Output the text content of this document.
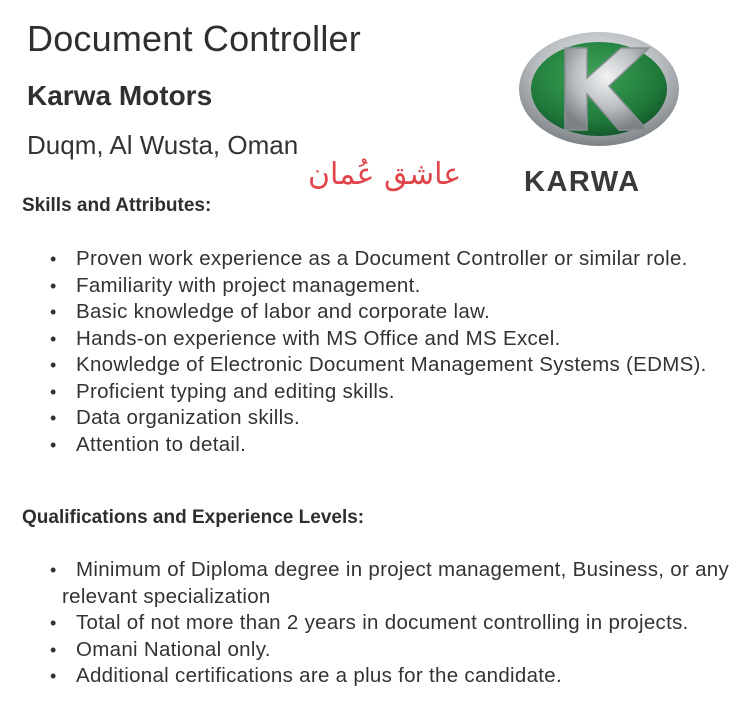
Document Controller
Karwa Motors

Duqm, Al Wusta, Oman

عاشق عُمان KARWA
Skills and Attributes:
• Proven work experience as a Document Controller or similar role.
• Familiarity with project management.
• Basic knowledge of labor and corporate law.
• Hands-on experience with MS Office and MS Excel.
• Knowledge of Electronic Document Management Systems (EDMS).
• Proficient typing and editing skills.
• Data organization skills.
• Attention to detail.
Qualifications and Experience Levels:
• Minimum of Diploma degree in project management, Business, or any relevant specialization
• Total of not more than 2 years in document controlling in projects.
• Omani National only.
• Additional certifications are a plus for the candidate.
